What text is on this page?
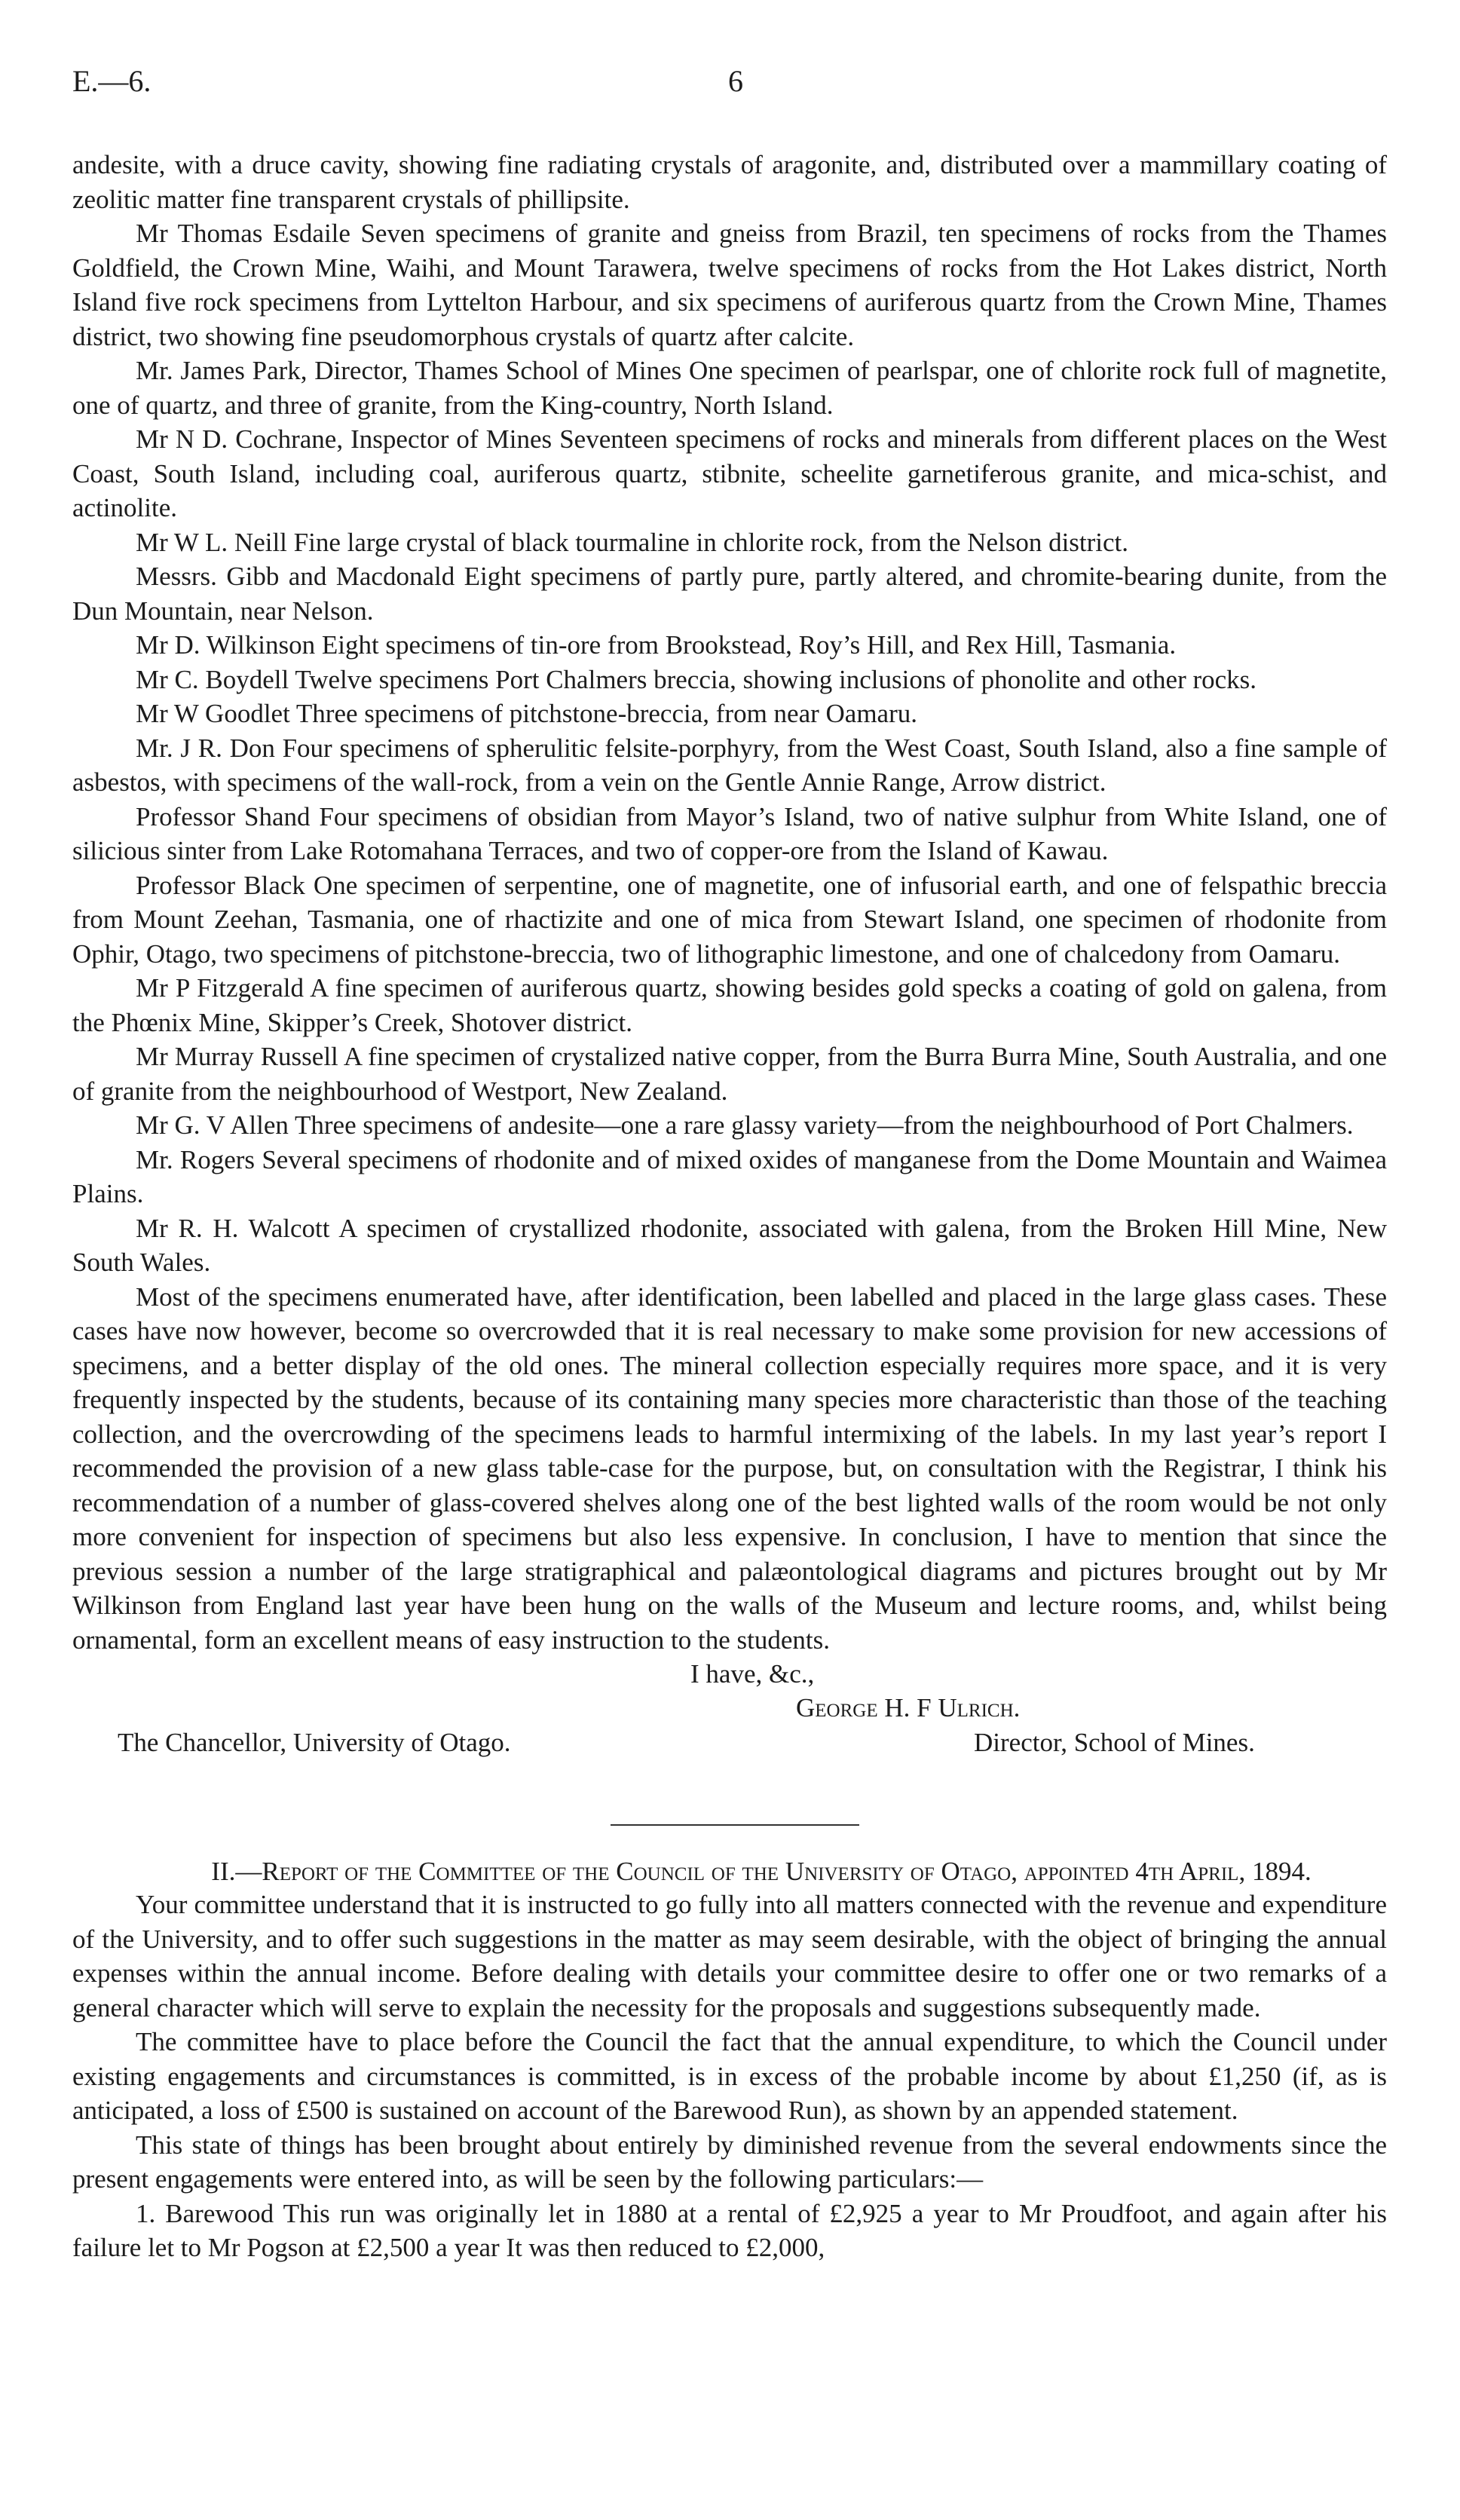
E.—6.	6

andesite, with a druce cavity, showing fine radiating crystals of aragonite, and, distributed over a mammillary coating of zeolitic matter fine transparent crystals of phillipsite.

Mr Thomas Esdaile Seven specimens of granite and gneiss from Brazil, ten specimens of rocks from the Thames Goldfield, the Crown Mine, Waihi, and Mount Tarawera, twelve specimens of rocks from the Hot Lakes district, North Island five rock specimens from Lyttelton Harbour, and six specimens of auriferous quartz from the Crown Mine, Thames district, two showing fine pseudomorphous crystals of quartz after calcite.

Mr. James Park, Director, Thames School of Mines One specimen of pearlspar, one of chlorite rock full of magnetite, one of quartz, and three of granite, from the King-country, North Island.

Mr N D. Cochrane, Inspector of Mines Seventeen specimens of rocks and minerals from different places on the West Coast, South Island, including coal, auriferous quartz, stibnite, scheelite garnetiferous granite, and mica-schist, and actinolite.

Mr W L. Neill Fine large crystal of black tourmaline in chlorite rock, from the Nelson district.

Messrs. Gibb and Macdonald Eight specimens of partly pure, partly altered, and chromite-bearing dunite, from the Dun Mountain, near Nelson.

Mr D. Wilkinson Eight specimens of tin-ore from Brookstead, Roy’s Hill, and Rex Hill, Tasmania.

Mr C. Boydell Twelve specimens Port Chalmers breccia, showing inclusions of phonolite and other rocks.

Mr W Goodlet Three specimens of pitchstone-breccia, from near Oamaru.

Mr. J R. Don Four specimens of spherulitic felsite-porphyry, from the West Coast, South Island, also a fine sample of asbestos, with specimens of the wall-rock, from a vein on the Gentle Annie Range, Arrow district.

Professor Shand Four specimens of obsidian from Mayor’s Island, two of native sulphur from White Island, one of silicious sinter from Lake Rotomahana Terraces, and two of copper-ore from the Island of Kawau.

Professor Black One specimen of serpentine, one of magnetite, one of infusorial earth, and one of felspathic breccia from Mount Zeehan, Tasmania, one of rhactizite and one of mica from Stewart Island, one specimen of rhodonite from Ophir, Otago, two specimens of pitchstone-breccia, two of lithographic limestone, and one of chalcedony from Oamaru.

Mr P Fitzgerald A fine specimen of auriferous quartz, showing besides gold specks a coating of gold on galena, from the Phœnix Mine, Skipper’s Creek, Shotover district.

Mr Murray Russell A fine specimen of crystalized native copper, from the Burra Burra Mine, South Australia, and one of granite from the neighbourhood of Westport, New Zealand.

Mr G. V Allen Three specimens of andesite—one a rare glassy variety—from the neighbourhood of Port Chalmers.

Mr. Rogers Several specimens of rhodonite and of mixed oxides of manganese from the Dome Mountain and Waimea Plains.

Mr R. H. Walcott A specimen of crystallized rhodonite, associated with galena, from the Broken Hill Mine, New South Wales.

Most of the specimens enumerated have, after identification, been labelled and placed in the large glass cases. These cases have now however, become so overcrowded that it is real necessary to make some provision for new accessions of specimens, and a better display of the old ones. The mineral collection especially requires more space, and it is very frequently inspected by the students, because of its containing many species more characteristic than those of the teaching collection, and the overcrowding of the specimens leads to harmful intermixing of the labels. In my last year’s report I recommended the provision of a new glass table-case for the purpose, but, on consultation with the Registrar, I think his recommendation of a number of glass-covered shelves along one of the best lighted walls of the room would be not only more convenient for inspection of specimens but also less expensive. In conclusion, I have to mention that since the previous session a number of the large stratigraphical and palæontological diagrams and pictures brought out by Mr Wilkinson from England last year have been hung on the walls of the Museum and lecture rooms, and, whilst being ornamental, form an excellent means of easy instruction to the students.

I have, &c.,
George H. F Ulrich.
The Chancellor, University of Otago.	Director, School of Mines.

II.—Report of the Committee of the Council of the University of Otago, appointed 4th April, 1894.

Your committee understand that it is instructed to go fully into all matters connected with the revenue and expenditure of the University, and to offer such suggestions in the matter as may seem desirable, with the object of bringing the annual expenses within the annual income. Before dealing with details your committee desire to offer one or two remarks of a general character which will serve to explain the necessity for the proposals and suggestions subsequently made.

The committee have to place before the Council the fact that the annual expenditure, to which the Council under existing engagements and circumstances is committed, is in excess of the probable income by about £1,250 (if, as is anticipated, a loss of £500 is sustained on account of the Barewood Run), as shown by an appended statement.

This state of things has been brought about entirely by diminished revenue from the several endowments since the present engagements were entered into, as will be seen by the following particulars:—

1. Barewood This run was originally let in 1880 at a rental of £2,925 a year to Mr Proudfoot, and again after his failure let to Mr Pogson at £2,500 a year It was then reduced to £2,000,
